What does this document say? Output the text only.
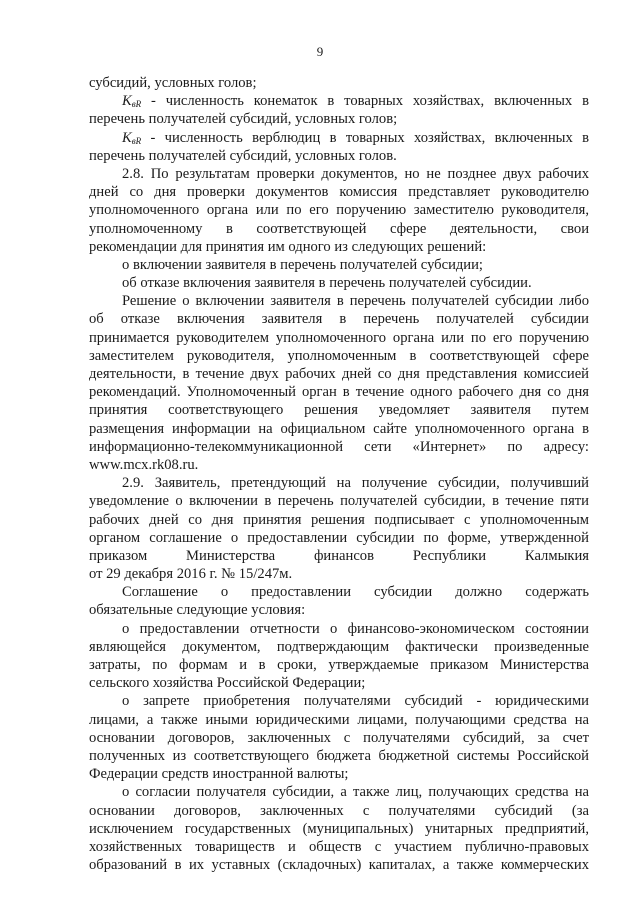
9
субсидий, условных голов;
$K_{вR}$ - численность конематок в товарных хозяйствах, включенных в
перечень получателей субсидий, условных голов;
$K_{вR}$ - численность верблюдиц в товарных хозяйствах, включенных в
перечень получателей субсидий, условных голов.
2.8. По результатам проверки документов, но не позднее двух рабочих
дней со дня проверки документов комиссия представляет руководителю
уполномоченного органа или по его поручению заместителю руководителя,
уполномоченному в соответствующей сфере деятельности, свои
рекомендации для принятия им одного из следующих решений:
о включении заявителя в перечень получателей субсидии;
об отказе включения заявителя в перечень получателей субсидии.
Решение о включении заявителя в перечень получателей субсидии либо
об отказе включения заявителя в перечень получателей субсидии
принимается руководителем уполномоченного органа или по его поручению
заместителем руководителя, уполномоченным в соответствующей сфере
деятельности, в течение двух рабочих дней со дня представления комиссией
рекомендаций. Уполномоченный орган в течение одного рабочего дня со дня
принятия соответствующего решения уведомляет заявителя путем
размещения информации на официальном сайте уполномоченного органа в
информационно-телекоммуникационной сети «Интернет» по адресу:
www.mcx.rk08.ru.
2.9. Заявитель, претендующий на получение субсидии, получивший
уведомление о включении в перечень получателей субсидии, в течение пяти
рабочих дней со дня принятия решения подписывает с уполномоченным
органом соглашение о предоставлении субсидии по форме, утвержденной
приказом Министерства финансов Республики Калмыкия
от 29 декабря 2016 г. № 15/247м.
Соглашение о предоставлении субсидии должно содержать
обязательные следующие условия:
о предоставлении отчетности о финансово-экономическом состоянии
являющейся документом, подтверждающим фактически произведенные
затраты, по формам и в сроки, утверждаемые приказом Министерства
сельского хозяйства Российской Федерации;
о запрете приобретения получателями субсидий - юридическими
лицами, а также иными юридическими лицами, получающими средства на
основании договоров, заключенных с получателями субсидий, за счет
полученных из соответствующего бюджета бюджетной системы Российской
Федерации средств иностранной валюты;
о согласии получателя субсидии, а также лиц, получающих средства на
основании договоров, заключенных с получателями субсидий (за
исключением государственных (муниципальных) унитарных предприятий,
хозяйственных товариществ и обществ с участием публично-правовых
образований в их уставных (складочных) капиталах, а также коммерческих
